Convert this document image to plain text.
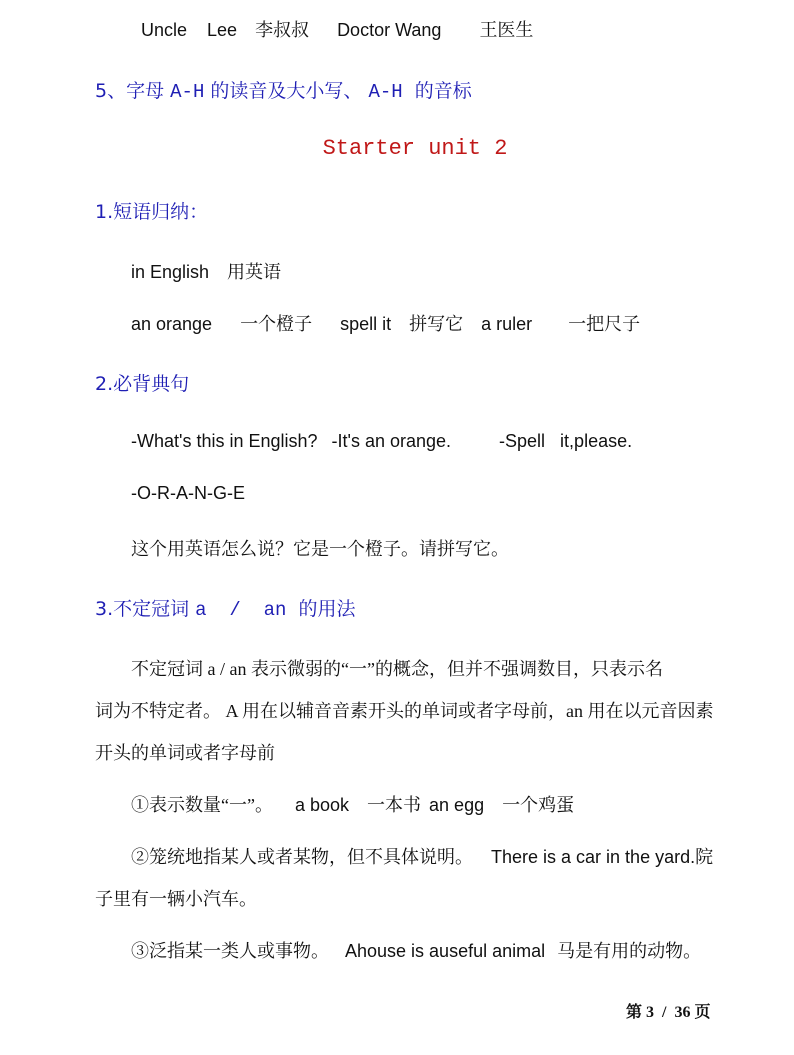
Uncle    Lee 李叔叔 Doctor Wang 王医生
5、字母 A-H 的读音及大小写、 A-H  的音标
Starter unit 2
1.短语归纳：
in English 用英语
an orange 一个橙子 spell it 拼写它 a ruler 一把尺子
2.必背典句
-What's this in English? -It's an orange.	-Spell   it,please.
-O-R-A-N-G-E
这个用英语怎么说？它是一个橙子。请拼写它。
3.不定冠词 a  /  an  的用法
不定冠词 a / an 表示微弱的“一”的概念，但并不强调数目，只表示名
词为不特定者。 A 用在以辅音音素开头的单词或者字母前，an 用在以元音因素
开头的单词或者字母前
①表示数量“一”。 a book 一本书 an egg 一个鸡蛋
②笼统地指某人或者某物，但不具体说明。 There is a car in the yard.院
子里有一辆小汽车。
③泛指某一类人或事物。 Ahouse is auseful animal 马是有用的动物。
第 3  /  36 页
